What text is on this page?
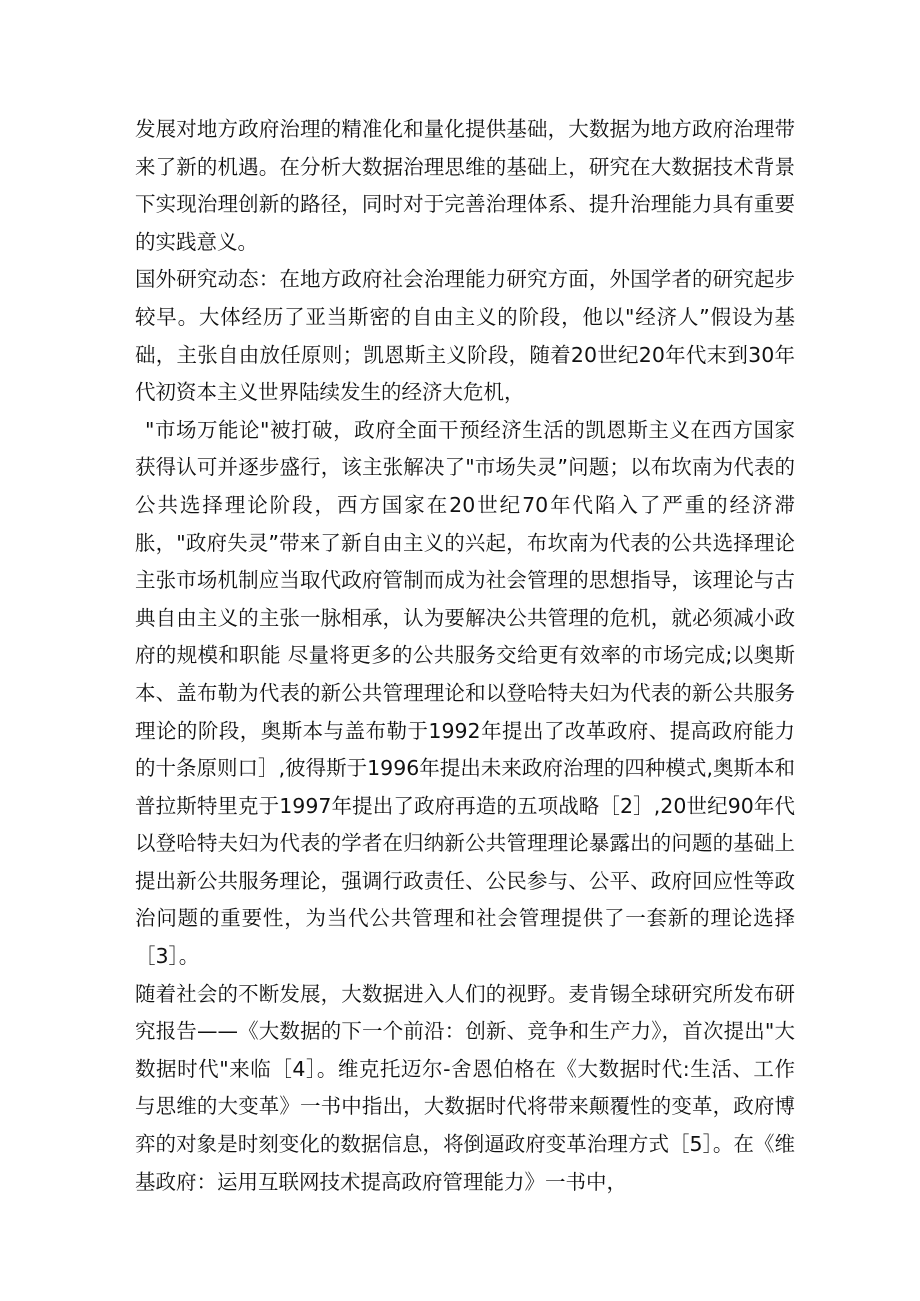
发展对地方政府治理的精准化和量化提供基础，大数据为地方政府治理带来了新的机遇。在分析大数据治理思维的基础上，研究在大数据技术背景下实现治理创新的路径，同时对于完善治理体系、提升治理能力具有重要的实践意义。

国外研究动态：在地方政府社会治理能力研究方面，外国学者的研究起步较早。大体经历了亚当斯密的自由主义的阶段，他以"经济人”假设为基础，主张自由放任原则；凯恩斯主义阶段，随着20世纪20年代末到30年代初资本主义世界陆续发生的经济大危机，

"市场万能论"被打破，政府全面干预经济生活的凯恩斯主义在西方国家获得认可并逐步盛行，该主张解决了"市场失灵”问题；以布坎南为代表的公共选择理论阶段，西方国家在20世纪70年代陷入了严重的经济滞胀，"政府失灵”带来了新自由主义的兴起，布坎南为代表的公共选择理论主张市场机制应当取代政府管制而成为社会管理的思想指导，该理论与古典自由主义的主张一脉相承，认为要解决公共管理的危机，就必须减小政府的规模和职能 尽量将更多的公共服务交给更有效率的市场完成;以奥斯本、盖布勒为代表的新公共管理理论和以登哈特夫妇为代表的新公共服务理论的阶段，奥斯本与盖布勒于1992年提出了改革政府、提高政府能力的十条原则口］,彼得斯于1996年提出未来政府治理的四种模式,奥斯本和普拉斯特里克于1997年提出了政府再造的五项战略［2］,20世纪90年代以登哈特夫妇为代表的学者在归纳新公共管理理论暴露出的问题的基础上提出新公共服务理论，强调行政责任、公民参与、公平、政府回应性等政治问题的重要性，为当代公共管理和社会管理提供了一套新的理论选择［3］。

随着社会的不断发展，大数据进入人们的视野。麦肯锡全球研究所发布研究报告——《大数据的下一个前沿：创新、竞争和生产力》，首次提出"大数据时代"来临［4］。维克托迈尔-舍恩伯格在《大数据时代:生活、工作与思维的大变革》一书中指出，大数据时代将带来颠覆性的变革，政府博弈的对象是时刻变化的数据信息，将倒逼政府变革治理方式［5］。在《维基政府：运用互联网技术提高政府管理能力》一书中，
